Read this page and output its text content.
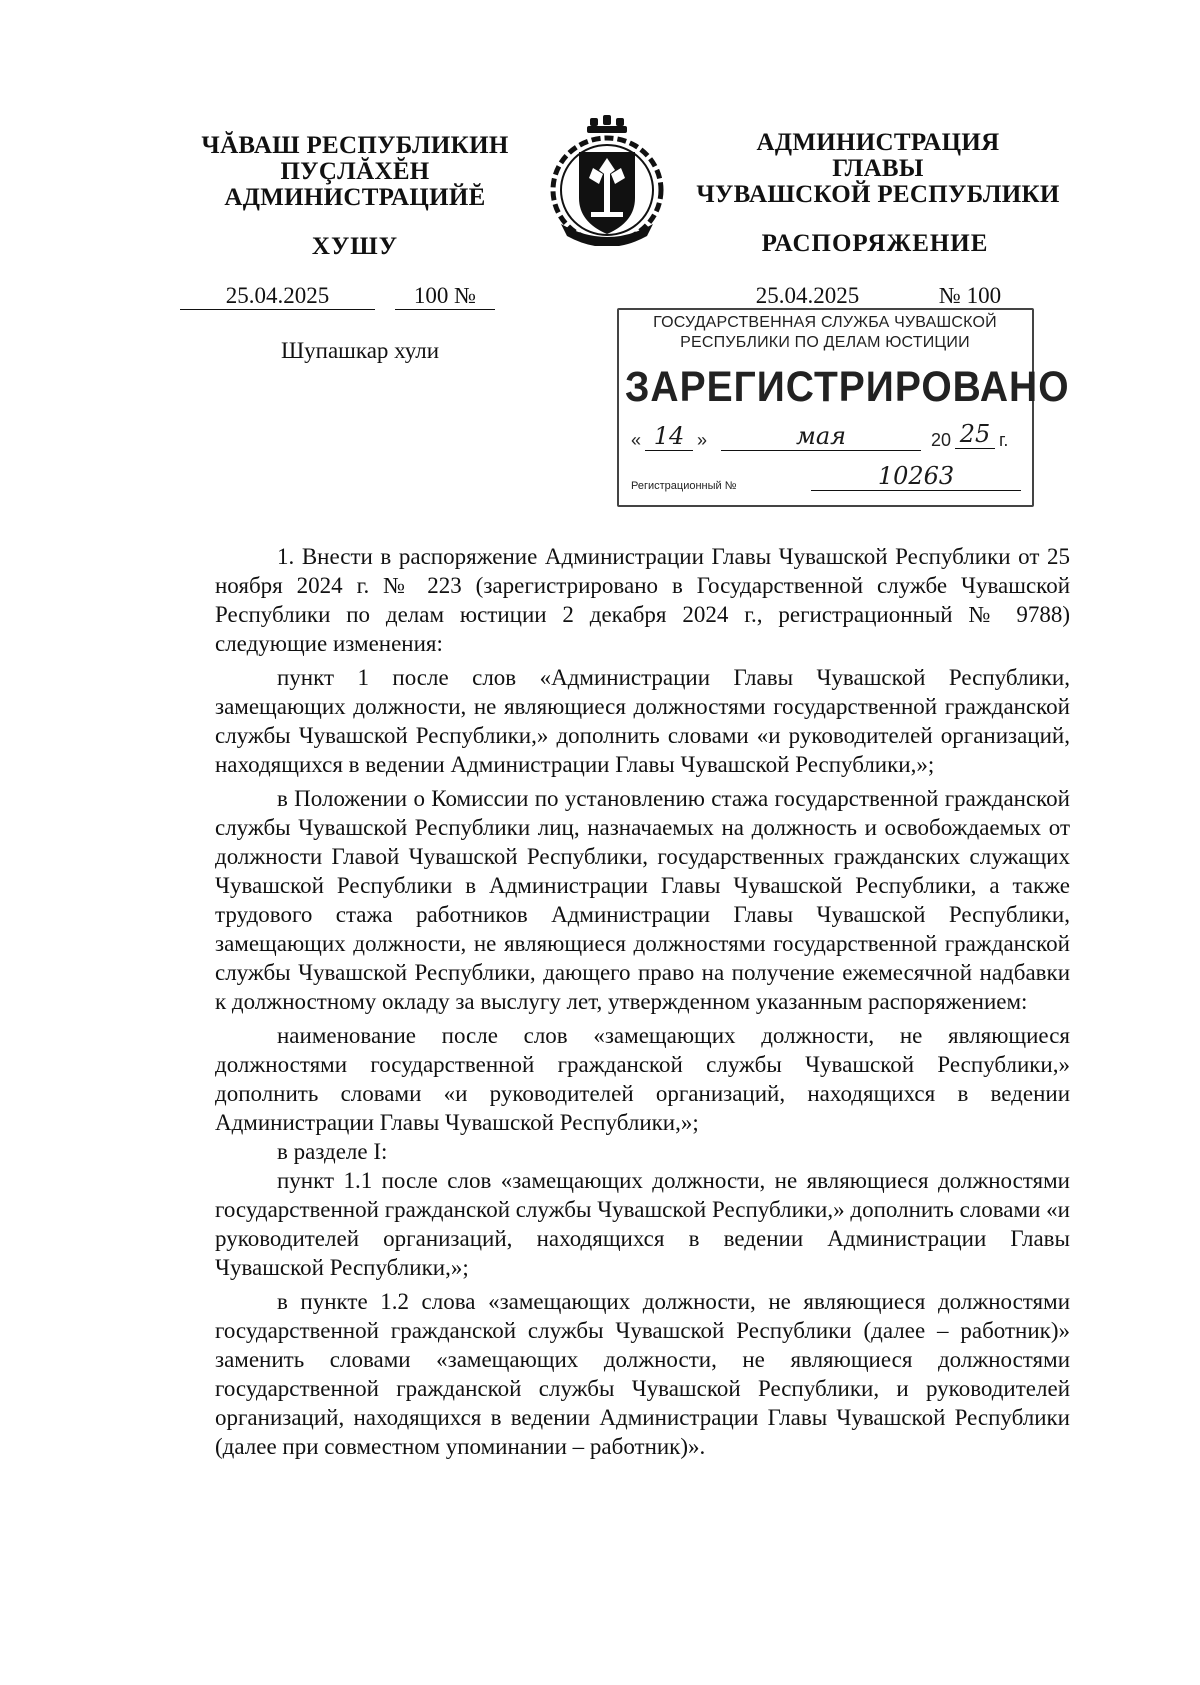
ЧĂВАШ РЕСПУБЛИКИН
ПУÇЛĂХĔН
АДМИНИСТРАЦИЙĔ
ХУШУ
25.04.2025	100 №
Шупашкар хули
АДМИНИСТРАЦИЯ
ГЛАВЫ
ЧУВАШСКОЙ РЕСПУБЛИКИ
РАСПОРЯЖЕНИЕ
25.04.2025	№ 100
ГОСУДАРСТВЕННАЯ СЛУЖБА ЧУВАШСКОЙ
РЕСПУБЛИКИ ПО ДЕЛАМ ЮСТИЦИИ
ЗАРЕГИСТРИРОВАНО
« 14 »	мая	20 25 г.
Регистрационный №	10263

1. Внести в распоряжение Администрации Главы Чувашской Республики от 25 ноября 2024 г. № 223 (зарегистрировано в Государственной службе Чувашской Республики по делам юстиции 2 декабря 2024 г., регистрационный № 9788) следующие изменения:

пункт 1 после слов «Администрации Главы Чувашской Республики, замещающих должности, не являющиеся должностями государственной гражданской службы Чувашской Республики,» дополнить словами «и руководителей организаций, находящихся в ведении Администрации Главы Чувашской Республики,»;

в Положении о Комиссии по установлению стажа государственной гражданской службы Чувашской Республики лиц, назначаемых на должность и освобождаемых от должности Главой Чувашской Республики, государственных гражданских служащих Чувашской Республики в Администрации Главы Чувашской Республики, а также трудового стажа работников Администрации Главы Чувашской Республики, замещающих должности, не являющиеся должностями государственной гражданской службы Чувашской Республики, дающего право на получение ежемесячной надбавки к должностному окладу за выслугу лет, утвержденном указанным распоряжением:

наименование после слов «замещающих должности, не являющиеся должностями государственной гражданской службы Чувашской Республики,» дополнить словами «и руководителей организаций, находящихся в ведении Администрации Главы Чувашской Республики,»;

в разделе I:

пункт 1.1 после слов «замещающих должности, не являющиеся должностями государственной гражданской службы Чувашской Республики,» дополнить словами «и руководителей организаций, находящихся в ведении Администрации Главы Чувашской Республики,»;

в пункте 1.2 слова «замещающих должности, не являющиеся должностями государственной гражданской службы Чувашской Республики (далее – работник)» заменить словами «замещающих должности, не являющиеся должностями государственной гражданской службы Чувашской Республики, и руководителей организаций, находящихся в ведении Администрации Главы Чувашской Республики (далее при совместном упоминании – работник)».
